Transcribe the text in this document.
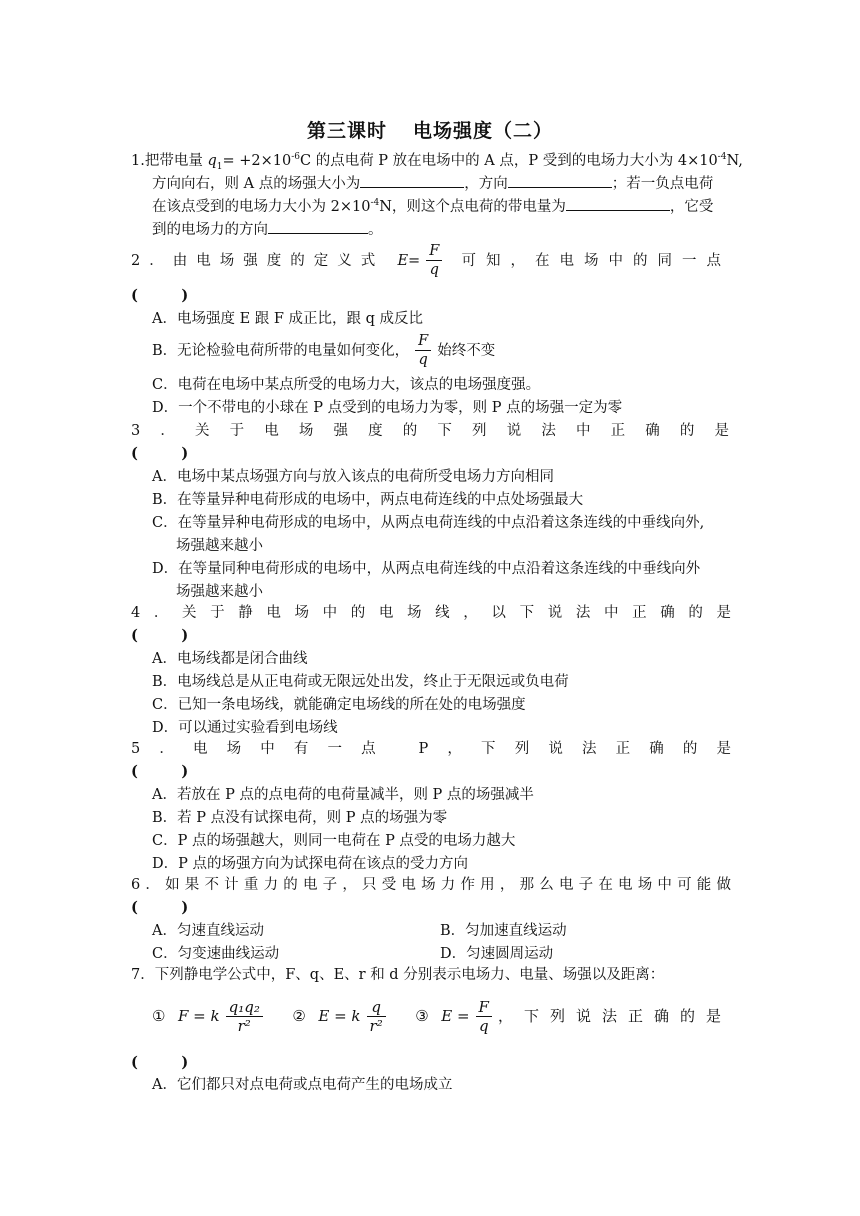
第三课时 电场强度（二）
1.把带电量 $q_1= +2\times 10^{-6}C$ 的点电荷 P 放在电场中的 A 点，P 受到的电场力大小为 $4\times 10^{-4}N$,
方向向右，则 A 点的场强大小为	，方向	；若一负点电荷
在该点受到的电场力大小为 $2\times 10^{-4}N$，则这个点电荷的带电量为	，它受
到的电场力的方向	。
2．由电场强度的定义式 $E= \frac{F}{q}$ 可知，在电场中的同一点
(　　　)
A．电场强度 E 跟 F 成正比，跟 q 成反比
B．无论检验电荷所带的电量如何变化， $\frac{F}{q}$ 始终不变
C．电荷在电场中某点所受的电场力大，该点的电场强度强。
D．一个不带电的小球在 P 点受到的电场力为零，则 P 点的场强一定为零
3．关于电场强度的下列说法中正确的是
(　　　)
A．电场中某点场强方向与放入该点的电荷所受电场力方向相同
B．在等量异种电荷形成的电场中，两点电荷连线的中点处场强最大
C．在等量异种电荷形成的电场中，从两点电荷连线的中点沿着这条连线的中垂线向外,
场强越来越小
D．在等量同种电荷形成的电场中，从两点电荷连线的中点沿着这条连线的中垂线向外
场强越来越小
4．关于静电场中的电场线，以下说法中正确的是
(　　　)
A．电场线都是闭合曲线
B．电场线总是从正电荷或无限远处出发，终止于无限远或负电荷
C．已知一条电场线，就能确定电场线的所在处的电场强度
D．可以通过实验看到电场线
5．电场中有一点 P，下列说法正确的是
(　　　)
A．若放在 P 点的点电荷的电荷量减半，则 P 点的场强减半
B．若 P 点没有试探电荷，则 P 点的场强为零
C．P 点的场强越大，则同一电荷在 P 点受的电场力越大
D．P 点的场强方向为试探电荷在该点的受力方向
6．如果不计重力的电子，只受电场力作用，那么电子在电场中可能做
(　　　)
A．匀速直线运动	B．匀加速直线运动
C．匀变速曲线运动	D．匀速圆周运动
7．下列静电学公式中，F、q、E、r 和 d 分别表示电场力、电量、场强以及距离：
① F = k $\frac{\text{q₁q₂}}{\text{r²}}$ ② E = k $\frac{q}{\text{r²}}$ ③ $E = \frac{F}{q}$ ，下列说法正确的是
(　　　)
A．它们都只对点电荷或点电荷产生的电场成立
